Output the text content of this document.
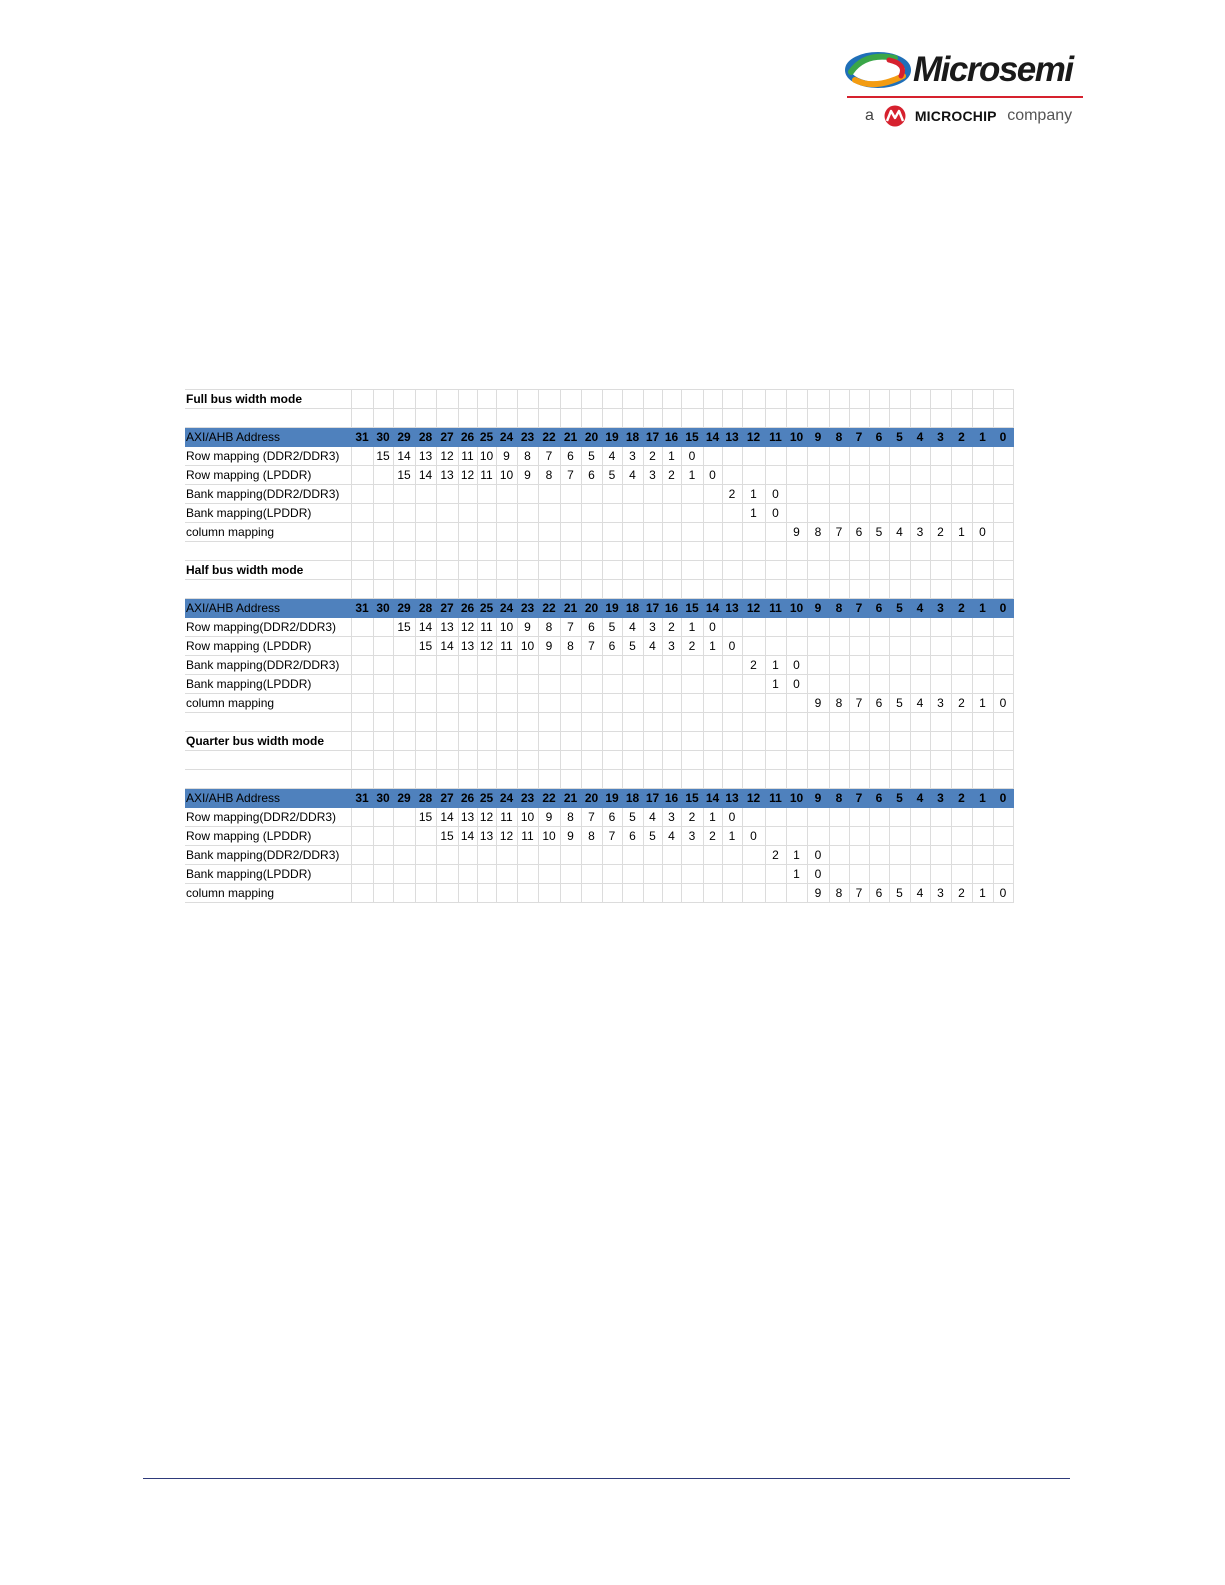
Microsemi
a	MICROCHIP company
Full bus width mode																																

AXI/AHB Address	31	30	29	28	27	26	25	24	23	22	21	20	19	18	17	16	15	14	13	12	11	10	9	8	7	6	5	4	3	2	1	0
Row mapping (DDR2/DDR3)		15	14	13	12	11	10	9	8	7	6	5	4	3	2	1	0															
Row mapping (LPDDR)			15	14	13	12	11	10	9	8	7	6	5	4	3	2	1	0														
Bank mapping(DDR2/DDR3)																			2	1	0											
Bank mapping(LPDDR)																				1	0											
column mapping																						9	8	7	6	5	4	3	2	1	0	

Half bus width mode																																

AXI/AHB Address	31	30	29	28	27	26	25	24	23	22	21	20	19	18	17	16	15	14	13	12	11	10	9	8	7	6	5	4	3	2	1	0
Row mapping(DDR2/DDR3)			15	14	13	12	11	10	9	8	7	6	5	4	3	2	1	0														
Row mapping (LPDDR)				15	14	13	12	11	10	9	8	7	6	5	4	3	2	1	0													
Bank mapping(DDR2/DDR3)																				2	1	0										
Bank mapping(LPDDR)																					1	0										
column mapping																							9	8	7	6	5	4	3	2	1	0

Quarter bus width mode																																

AXI/AHB Address	31	30	29	28	27	26	25	24	23	22	21	20	19	18	17	16	15	14	13	12	11	10	9	8	7	6	5	4	3	2	1	0
Row mapping(DDR2/DDR3)				15	14	13	12	11	10	9	8	7	6	5	4	3	2	1	0													
Row mapping (LPDDR)					15	14	13	12	11	10	9	8	7	6	5	4	3	2	1	0												
Bank mapping(DDR2/DDR3)																					2	1	0									
Bank mapping(LPDDR)																						1	0									
column mapping																							9	8	7	6	5	4	3	2	1	0
